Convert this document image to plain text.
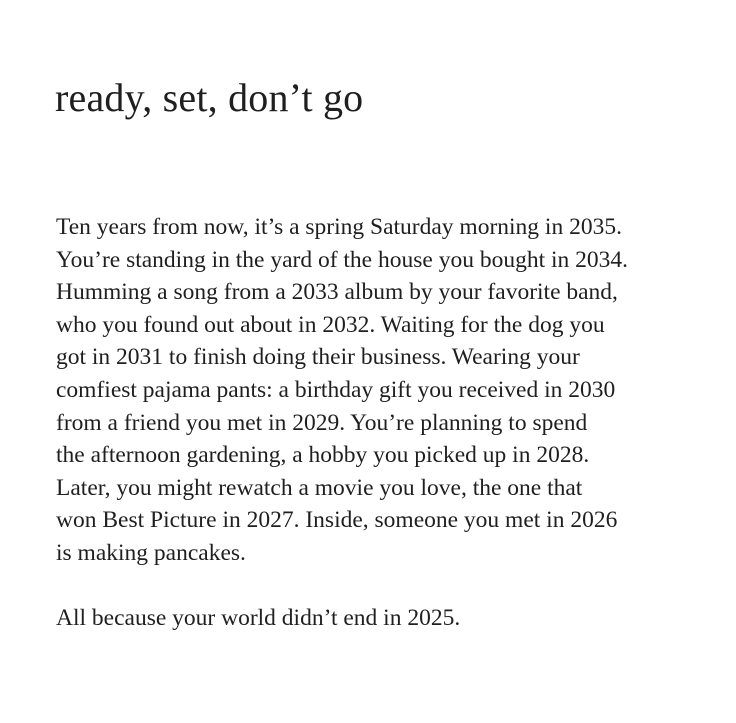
ready, set, don’t go
Ten years from now, it’s a spring Saturday morning in 2035.
You’re standing in the yard of the house you bought in 2034.
Humming a song from a 2033 album by your favorite band,
who you found out about in 2032. Waiting for the dog you
got in 2031 to finish doing their business. Wearing your
comfiest pajama pants: a birthday gift you received in 2030
from a friend you met in 2029. You’re planning to spend
the afternoon gardening, a hobby you picked up in 2028.
Later, you might rewatch a movie you love, the one that
won Best Picture in 2027. Inside, someone you met in 2026
is making pancakes.
All because your world didn’t end in 2025.
